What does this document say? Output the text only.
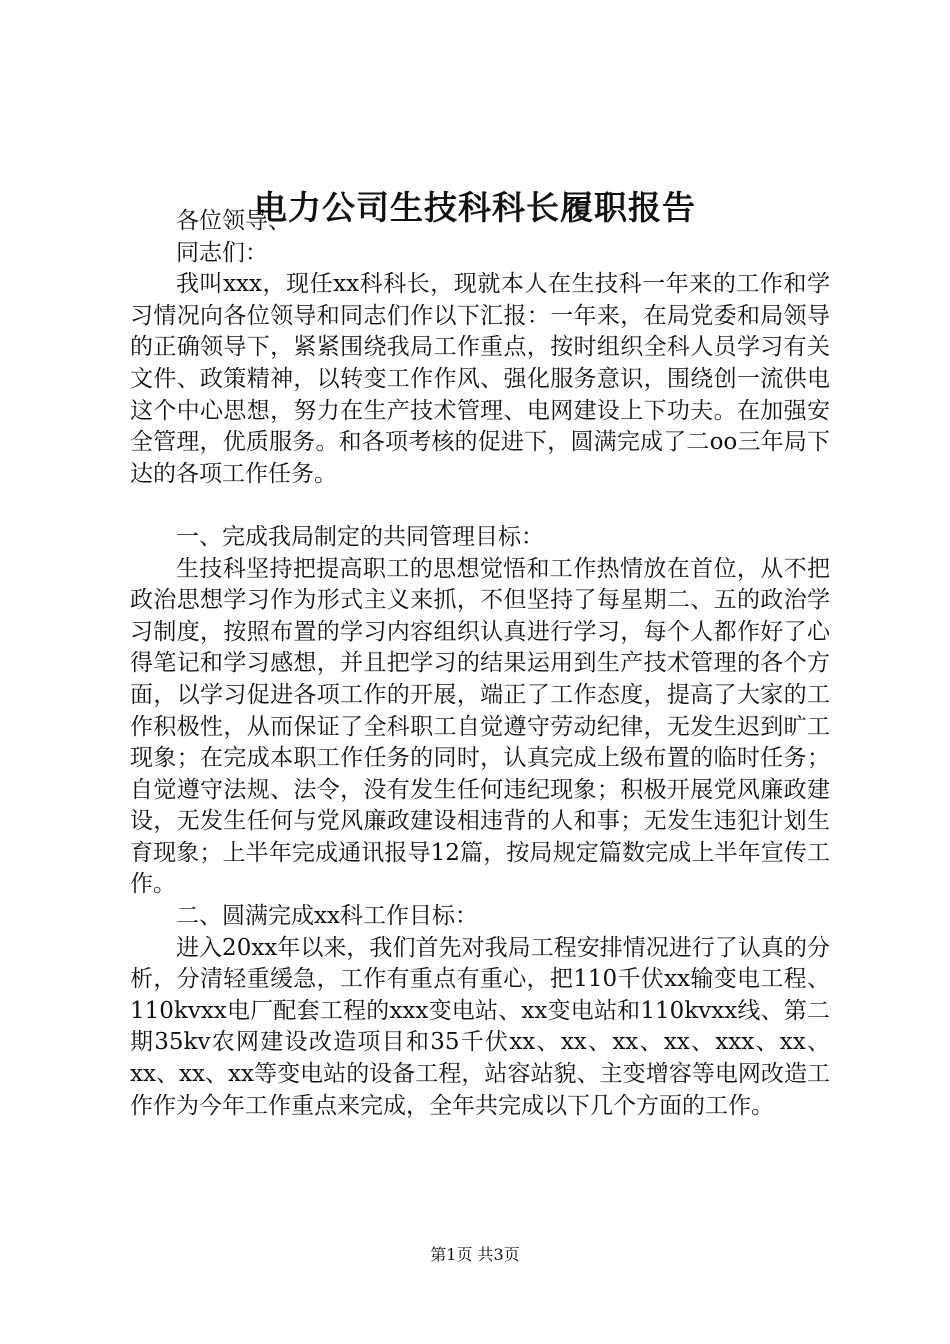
电力公司生技科科长履职报告

各位领导、

同志们：

我叫xxx，现任xx科科长，现就本人在生技科一年来的工作和学习情况向各位领导和同志们作以下汇报：一年来，在局党委和局领导的正确领导下，紧紧围绕我局工作重点，按时组织全科人员学习有关文件、政策精神，以转变工作作风、强化服务意识，围绕创一流供电这个中心思想，努力在生产技术管理、电网建设上下功夫。在加强安全管理，优质服务。和各项考核的促进下，圆满完成了二oo三年局下达的各项工作任务。

一、完成我局制定的共同管理目标：

生技科坚持把提高职工的思想觉悟和工作热情放在首位，从不把政治思想学习作为形式主义来抓，不但坚持了每星期二、五的政治学习制度，按照布置的学习内容组织认真进行学习，每个人都作好了心得笔记和学习感想，并且把学习的结果运用到生产技术管理的各个方面，以学习促进各项工作的开展，端正了工作态度，提高了大家的工作积极性，从而保证了全科职工自觉遵守劳动纪律，无发生迟到旷工现象；在完成本职工作任务的同时，认真完成上级布置的临时任务；自觉遵守法规、法令，没有发生任何违纪现象；积极开展党风廉政建设，无发生任何与党风廉政建设相违背的人和事；无发生违犯计划生育现象；上半年完成通讯报导12篇，按局规定篇数完成上半年宣传工作。

二、圆满完成xx科工作目标：

进入20xx年以来，我们首先对我局工程安排情况进行了认真的分析，分清轻重缓急，工作有重点有重心，把110千伏xx输变电工程、110kvxx电厂配套工程的xxx变电站、xx变电站和110kvxx线、第二期35kv农网建设改造项目和35千伏xx、xx、xx、xx、xxx、xx、xx、xx、xx等变电站的设备工程，站容站貌、主变增容等电网改造工作作为今年工作重点来完成，全年共完成以下几个方面的工作。

第1页 共3页
